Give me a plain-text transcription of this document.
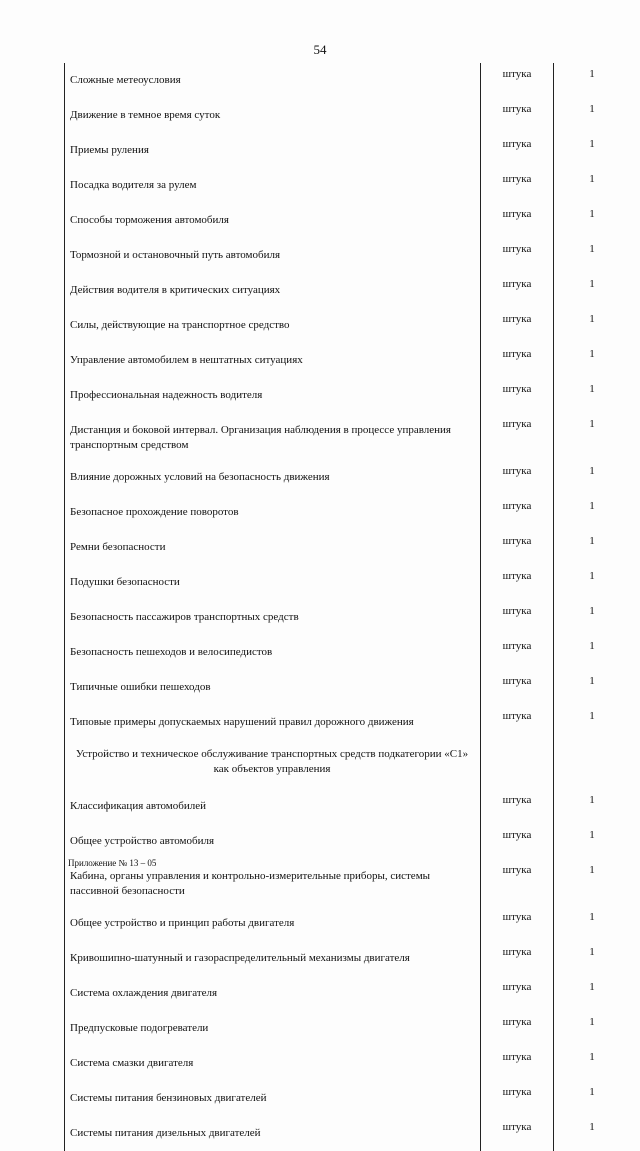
54
Сложные метеоусловия	штука	1
Движение в темное время суток	штука	1
Приемы руления	штука	1
Посадка водителя за рулем	штука	1
Способы торможения автомобиля	штука	1
Тормозной и остановочный путь автомобиля	штука	1
Действия водителя в критических ситуациях	штука	1
Силы, действующие на транспортное средство	штука	1
Управление автомобилем в нештатных ситуациях	штука	1
Профессиональная надежность водителя	штука	1
Дистанция и боковой интервал. Организация наблюдения в процессе управления транспортным средством	штука	1
Влияние дорожных условий на безопасность движения	штука	1
Безопасное прохождение поворотов	штука	1
Ремни безопасности	штука	1
Подушки безопасности	штука	1
Безопасность пассажиров транспортных средств	штука	1
Безопасность пешеходов и велосипедистов	штука	1
Типичные ошибки пешеходов	штука	1
Типовые примеры допускаемых нарушений правил дорожного движения	штука	1
Устройство и техническое обслуживание транспортных средств подкатегории «С1» как объектов управления		
Классификация автомобилей	штука	1
Общее устройство автомобиля	штука	1
Кабина, органы управления и контрольно-измерительные приборы, системы пассивной безопасности	штука	1
Общее устройство и принцип работы двигателя	штука	1
Кривошипно-шатунный и газораспределительный механизмы двигателя	штука	1
Система охлаждения двигателя	штука	1
Предпусковые подогреватели	штука	1
Система смазки двигателя	штука	1
Системы питания бензиновых двигателей	штука	1
Системы питания дизельных двигателей	штука	1
Приложение № 13 – 05
